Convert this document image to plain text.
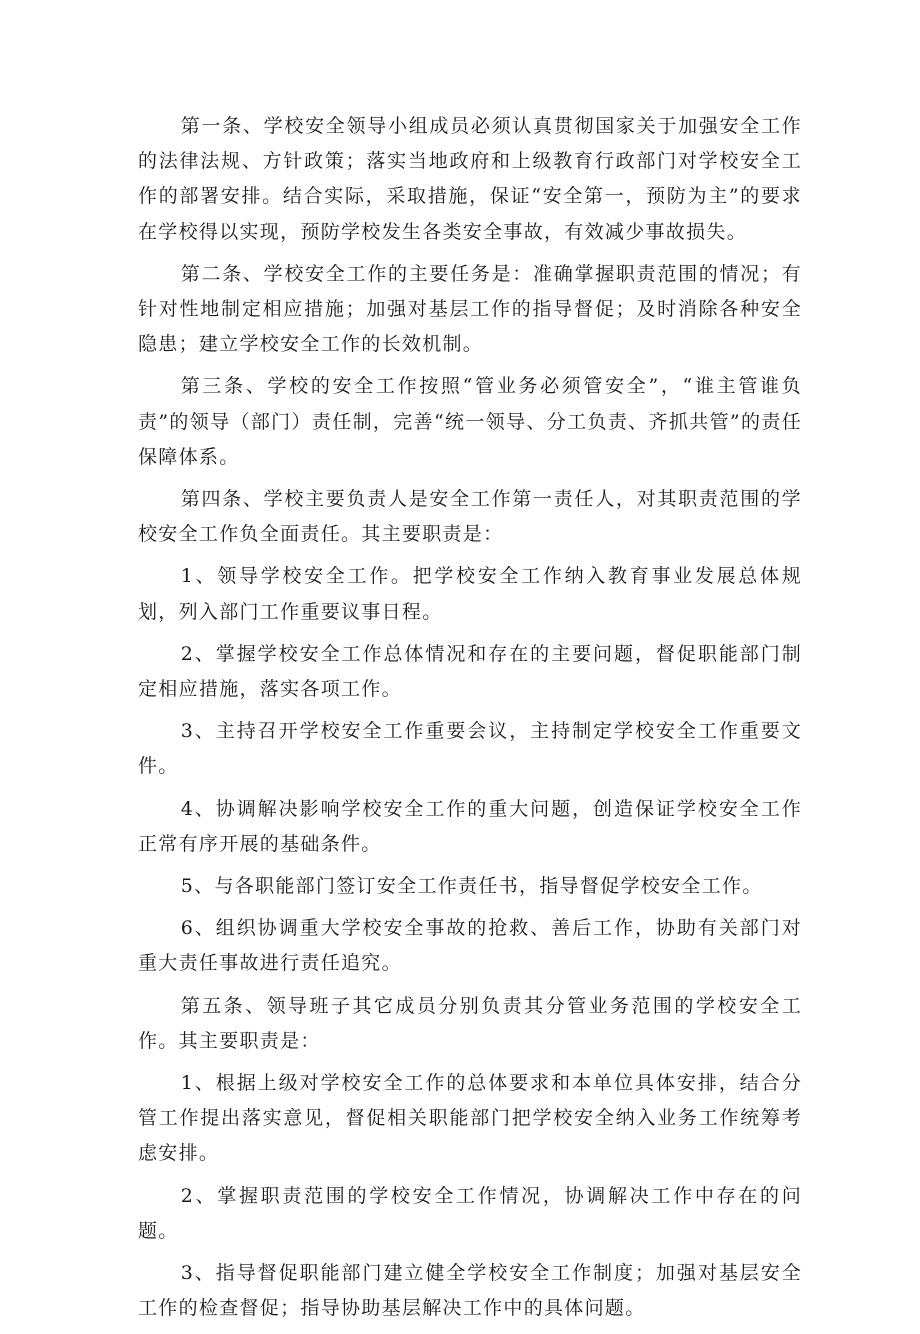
第一条、学校安全领导小组成员必须认真贯彻国家关于加强安全工作的法律法规、方针政策；落实当地政府和上级教育行政部门对学校安全工作的部署安排。结合实际，采取措施，保证“安全第一，预防为主”的要求在学校得以实现，预防学校发生各类安全事故，有效减少事故损失。

第二条、学校安全工作的主要任务是：准确掌握职责范围的情况；有针对性地制定相应措施；加强对基层工作的指导督促；及时消除各种安全隐患；建立学校安全工作的长效机制。

第三条、学校的安全工作按照“管业务必须管安全”，“谁主管谁负责”的领导（部门）责任制，完善“统一领导、分工负责、齐抓共管”的责任保障体系。

第四条、学校主要负责人是安全工作第一责任人，对其职责范围的学校安全工作负全面责任。其主要职责是：

1、领导学校安全工作。把学校安全工作纳入教育事业发展总体规划，列入部门工作重要议事日程。

2、掌握学校安全工作总体情况和存在的主要问题，督促职能部门制定相应措施，落实各项工作。

3、主持召开学校安全工作重要会议，主持制定学校安全工作重要文件。

4、协调解决影响学校安全工作的重大问题，创造保证学校安全工作正常有序开展的基础条件。

5、与各职能部门签订安全工作责任书，指导督促学校安全工作。

6、组织协调重大学校安全事故的抢救、善后工作，协助有关部门对重大责任事故进行责任追究。

第五条、领导班子其它成员分别负责其分管业务范围的学校安全工作。其主要职责是：

1、根据上级对学校安全工作的总体要求和本单位具体安排，结合分管工作提出落实意见，督促相关职能部门把学校安全纳入业务工作统筹考虑安排。

2、掌握职责范围的学校安全工作情况，协调解决工作中存在的问题。

3、指导督促职能部门建立健全学校安全工作制度；加强对基层安全工作的检查督促；指导协助基层解决工作中的具体问题。
